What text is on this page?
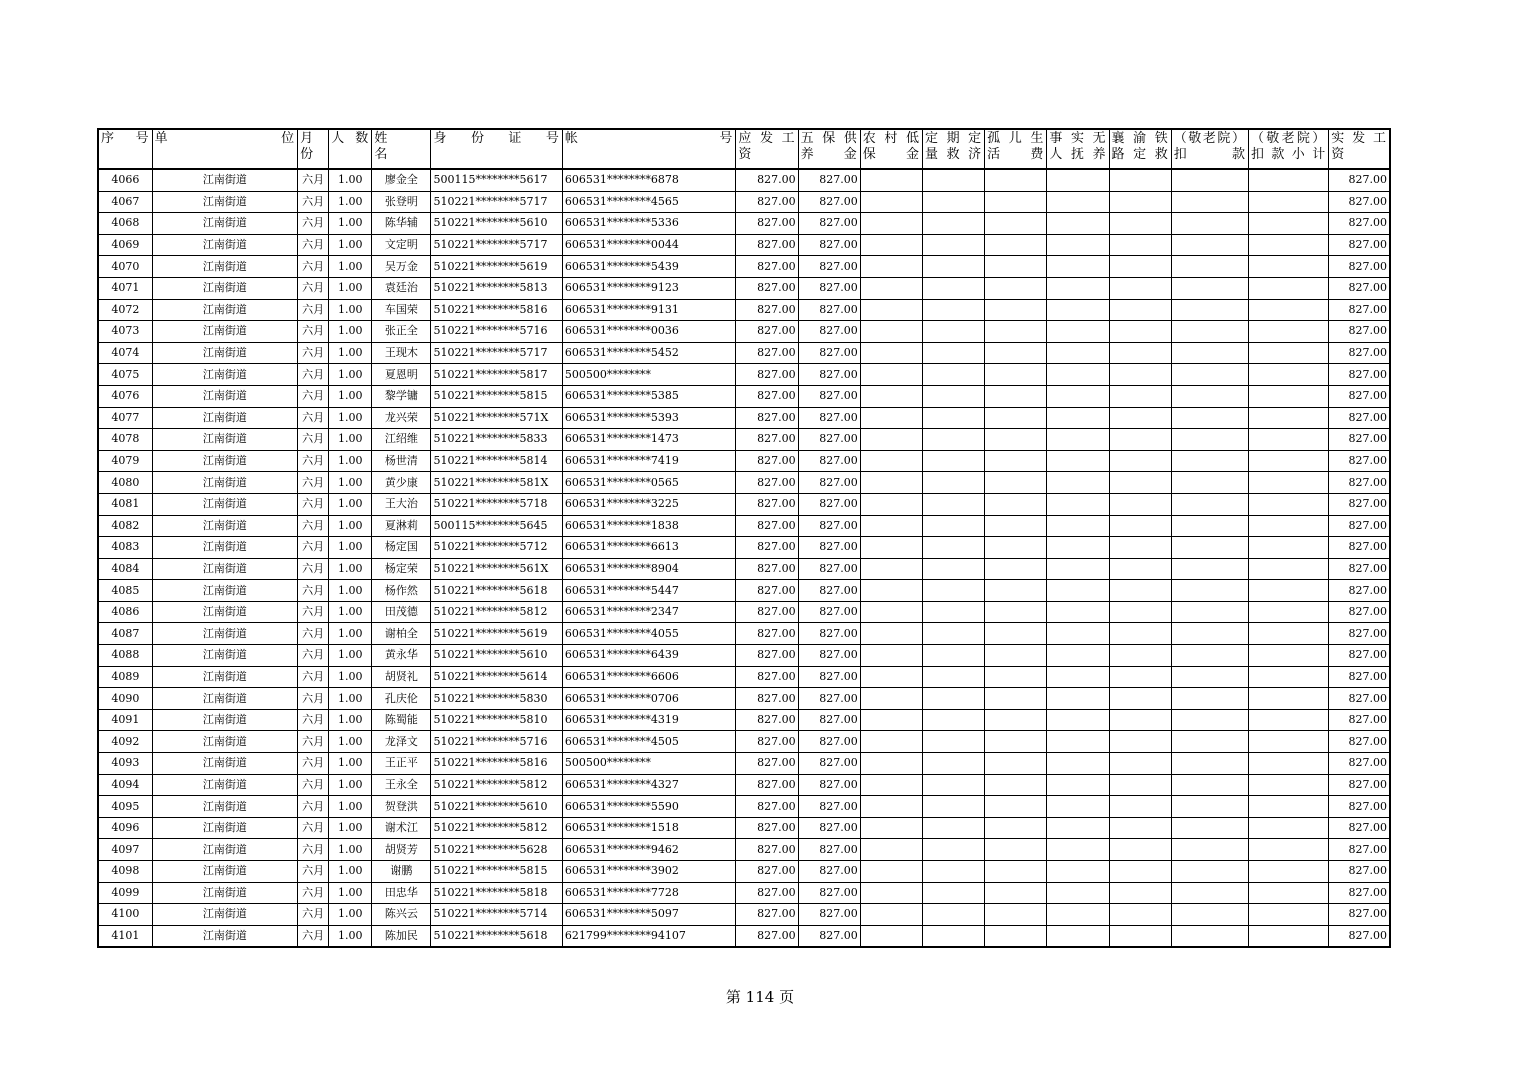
序　号	单　　　　位	月份	人 数	姓　　名	身　份　证　号	帐　　　　号	应 发 工 资	五 保 供 养 金	农 村 低 保 金	定 期 定 量 救 济	孤 儿 生 活 费	事 实 无 人 抚 养	襄 渝 铁 路 定 救	（敬老院）扣 款	（敬老院）扣 款 小 计	实 发 工 资
4066	江南街道	六月	1.00	廖金全	500115********5617	606531********6878	827.00	827.00								827.00
4067	江南街道	六月	1.00	张登明	510221********5717	606531********4565	827.00	827.00								827.00
4068	江南街道	六月	1.00	陈华辅	510221********5610	606531********5336	827.00	827.00								827.00
4069	江南街道	六月	1.00	文定明	510221********5717	606531********0044	827.00	827.00								827.00
4070	江南街道	六月	1.00	吴万金	510221********5619	606531********5439	827.00	827.00								827.00
4071	江南街道	六月	1.00	袁廷治	510221********5813	606531********9123	827.00	827.00								827.00
4072	江南街道	六月	1.00	车国荣	510221********5816	606531********9131	827.00	827.00								827.00
4073	江南街道	六月	1.00	张正全	510221********5716	606531********0036	827.00	827.00								827.00
4074	江南街道	六月	1.00	王现木	510221********5717	606531********5452	827.00	827.00								827.00
4075	江南街道	六月	1.00	夏恩明	510221********5817	500500********	827.00	827.00								827.00
4076	江南街道	六月	1.00	黎学镛	510221********5815	606531********5385	827.00	827.00								827.00
4077	江南街道	六月	1.00	龙兴荣	510221********571X	606531********5393	827.00	827.00								827.00
4078	江南街道	六月	1.00	江绍维	510221********5833	606531********1473	827.00	827.00								827.00
4079	江南街道	六月	1.00	杨世清	510221********5814	606531********7419	827.00	827.00								827.00
4080	江南街道	六月	1.00	黄少康	510221********581X	606531********0565	827.00	827.00								827.00
4081	江南街道	六月	1.00	王大治	510221********5718	606531********3225	827.00	827.00								827.00
4082	江南街道	六月	1.00	夏淋莉	500115********5645	606531********1838	827.00	827.00								827.00
4083	江南街道	六月	1.00	杨定国	510221********5712	606531********6613	827.00	827.00								827.00
4084	江南街道	六月	1.00	杨定荣	510221********561X	606531********8904	827.00	827.00								827.00
4085	江南街道	六月	1.00	杨作然	510221********5618	606531********5447	827.00	827.00								827.00
4086	江南街道	六月	1.00	田茂德	510221********5812	606531********2347	827.00	827.00								827.00
4087	江南街道	六月	1.00	谢柏全	510221********5619	606531********4055	827.00	827.00								827.00
4088	江南街道	六月	1.00	黄永华	510221********5610	606531********6439	827.00	827.00								827.00
4089	江南街道	六月	1.00	胡贤礼	510221********5614	606531********6606	827.00	827.00								827.00
4090	江南街道	六月	1.00	孔庆伦	510221********5830	606531********0706	827.00	827.00								827.00
4091	江南街道	六月	1.00	陈蜀能	510221********5810	606531********4319	827.00	827.00								827.00
4092	江南街道	六月	1.00	龙泽文	510221********5716	606531********4505	827.00	827.00								827.00
4093	江南街道	六月	1.00	王正平	510221********5816	500500********	827.00	827.00								827.00
4094	江南街道	六月	1.00	王永全	510221********5812	606531********4327	827.00	827.00								827.00
4095	江南街道	六月	1.00	贺登洪	510221********5610	606531********5590	827.00	827.00								827.00
4096	江南街道	六月	1.00	谢术江	510221********5812	606531********1518	827.00	827.00								827.00
4097	江南街道	六月	1.00	胡贤芳	510221********5628	606531********9462	827.00	827.00								827.00
4098	江南街道	六月	1.00	谢鹏	510221********5815	606531********3902	827.00	827.00								827.00
4099	江南街道	六月	1.00	田忠华	510221********5818	606531********7728	827.00	827.00								827.00
4100	江南街道	六月	1.00	陈兴云	510221********5714	606531********5097	827.00	827.00								827.00
4101	江南街道	六月	1.00	陈加民	510221********5618	621799********94107	827.00	827.00								827.00
第 114 页
